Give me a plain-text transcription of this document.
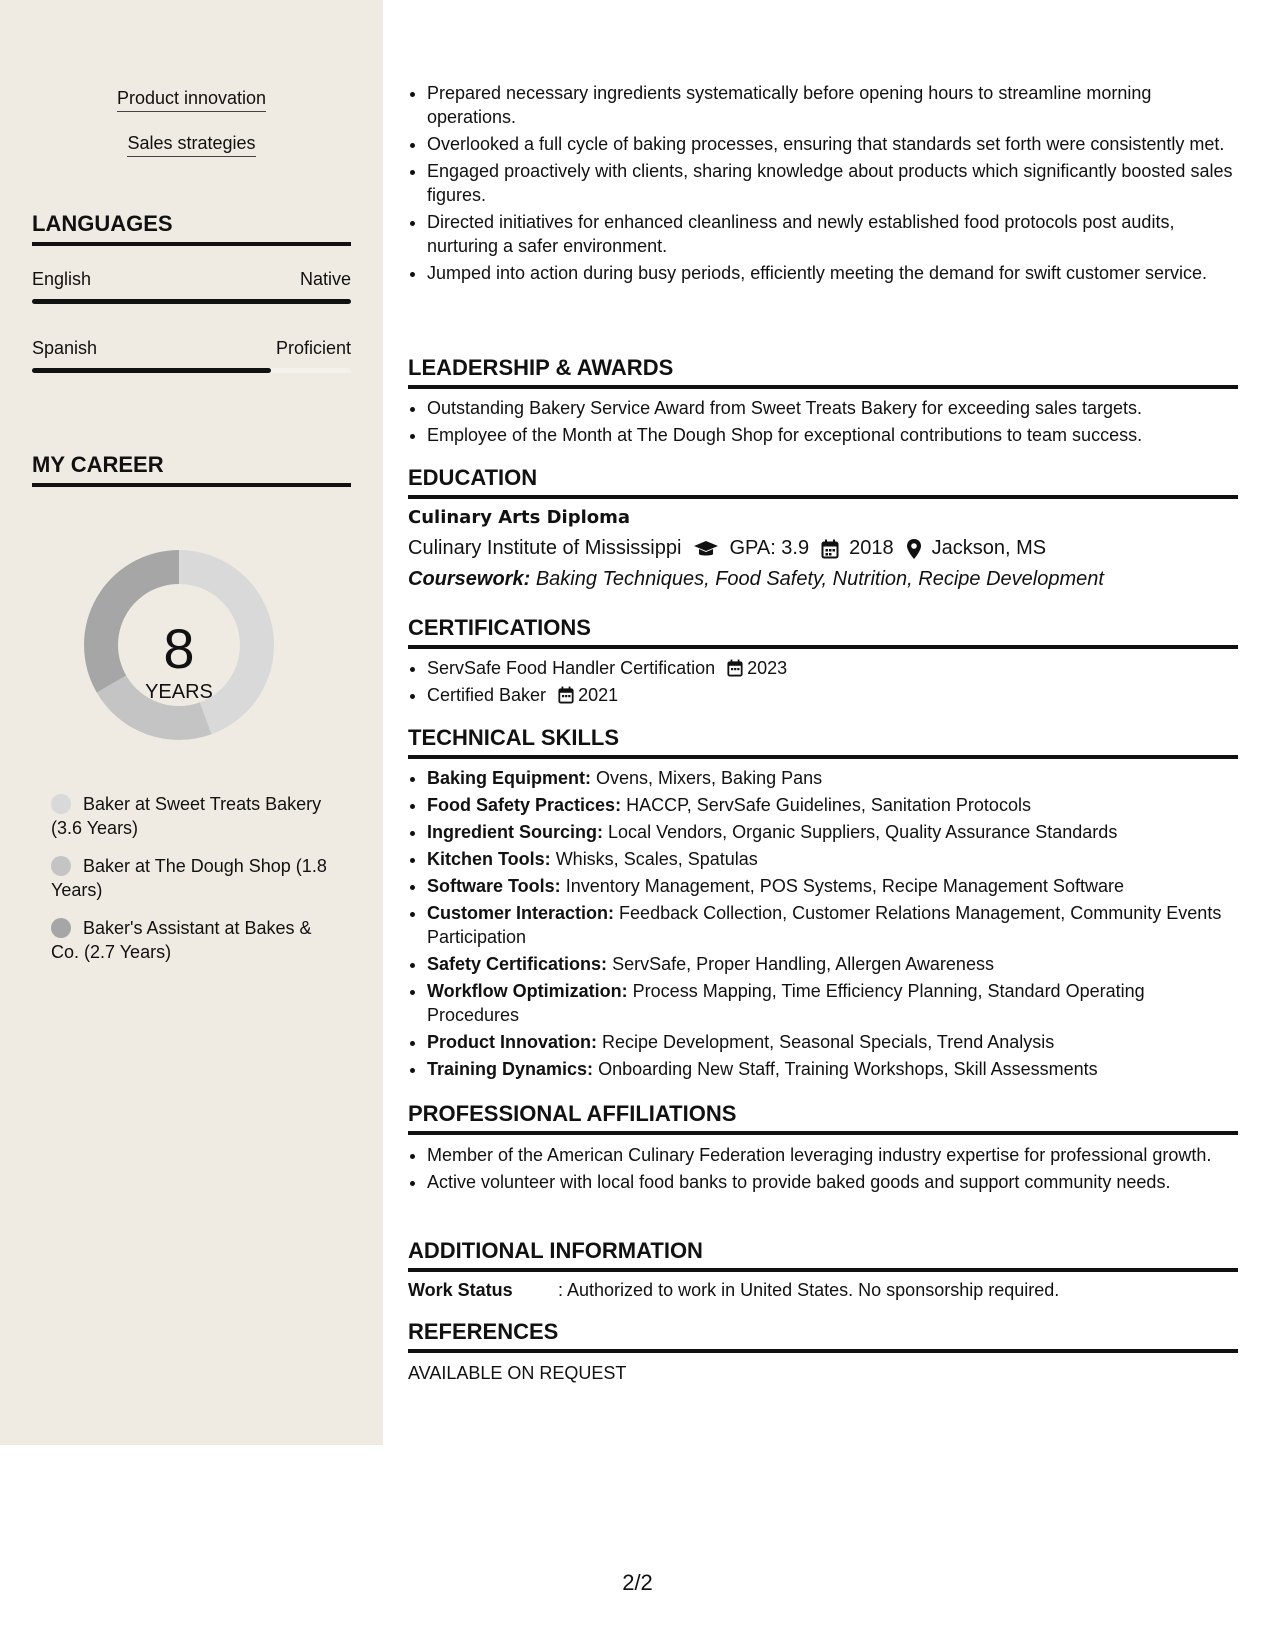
Product innovation
Sales strategies
LANGUAGES
English	Native
Spanish	Proficient
MY CAREER
8
YEARS
Baker at Sweet Treats Bakery (3.6 Years)
Baker at The Dough Shop (1.8 Years)
Baker's Assistant at Bakes & Co. (2.7 Years)
• Prepared necessary ingredients systematically before opening hours to streamline morning operations.
• Overlooked a full cycle of baking processes, ensuring that standards set forth were consistently met.
• Engaged proactively with clients, sharing knowledge about products which significantly boosted sales figures.
• Directed initiatives for enhanced cleanliness and newly established food protocols post audits, nurturing a safer environment.
• Jumped into action during busy periods, efficiently meeting the demand for swift customer service.
LEADERSHIP & AWARDS
• Outstanding Bakery Service Award from Sweet Treats Bakery for exceeding sales targets.
• Employee of the Month at The Dough Shop for exceptional contributions to team success.
EDUCATION
Culinary Arts Diploma
Culinary Institute of Mississippi GPA: 3.9 2018 Jackson, MS
Coursework: Baking Techniques, Food Safety, Nutrition, Recipe Development
CERTIFICATIONS
• ServSafe Food Handler Certification 2023
• Certified Baker 2021
TECHNICAL SKILLS
• Baking Equipment: Ovens, Mixers, Baking Pans
• Food Safety Practices: HACCP, ServSafe Guidelines, Sanitation Protocols
• Ingredient Sourcing: Local Vendors, Organic Suppliers, Quality Assurance Standards
• Kitchen Tools: Whisks, Scales, Spatulas
• Software Tools: Inventory Management, POS Systems, Recipe Management Software
• Customer Interaction: Feedback Collection, Customer Relations Management, Community Events Participation
• Safety Certifications: ServSafe, Proper Handling, Allergen Awareness
• Workflow Optimization: Process Mapping, Time Efficiency Planning, Standard Operating Procedures
• Product Innovation: Recipe Development, Seasonal Specials, Trend Analysis
• Training Dynamics: Onboarding New Staff, Training Workshops, Skill Assessments
PROFESSIONAL AFFILIATIONS
• Member of the American Culinary Federation leveraging industry expertise for professional growth.
• Active volunteer with local food banks to provide baked goods and support community needs.
ADDITIONAL INFORMATION
Work Status	: Authorized to work in United States. No sponsorship required.
REFERENCES
AVAILABLE ON REQUEST
2/2
